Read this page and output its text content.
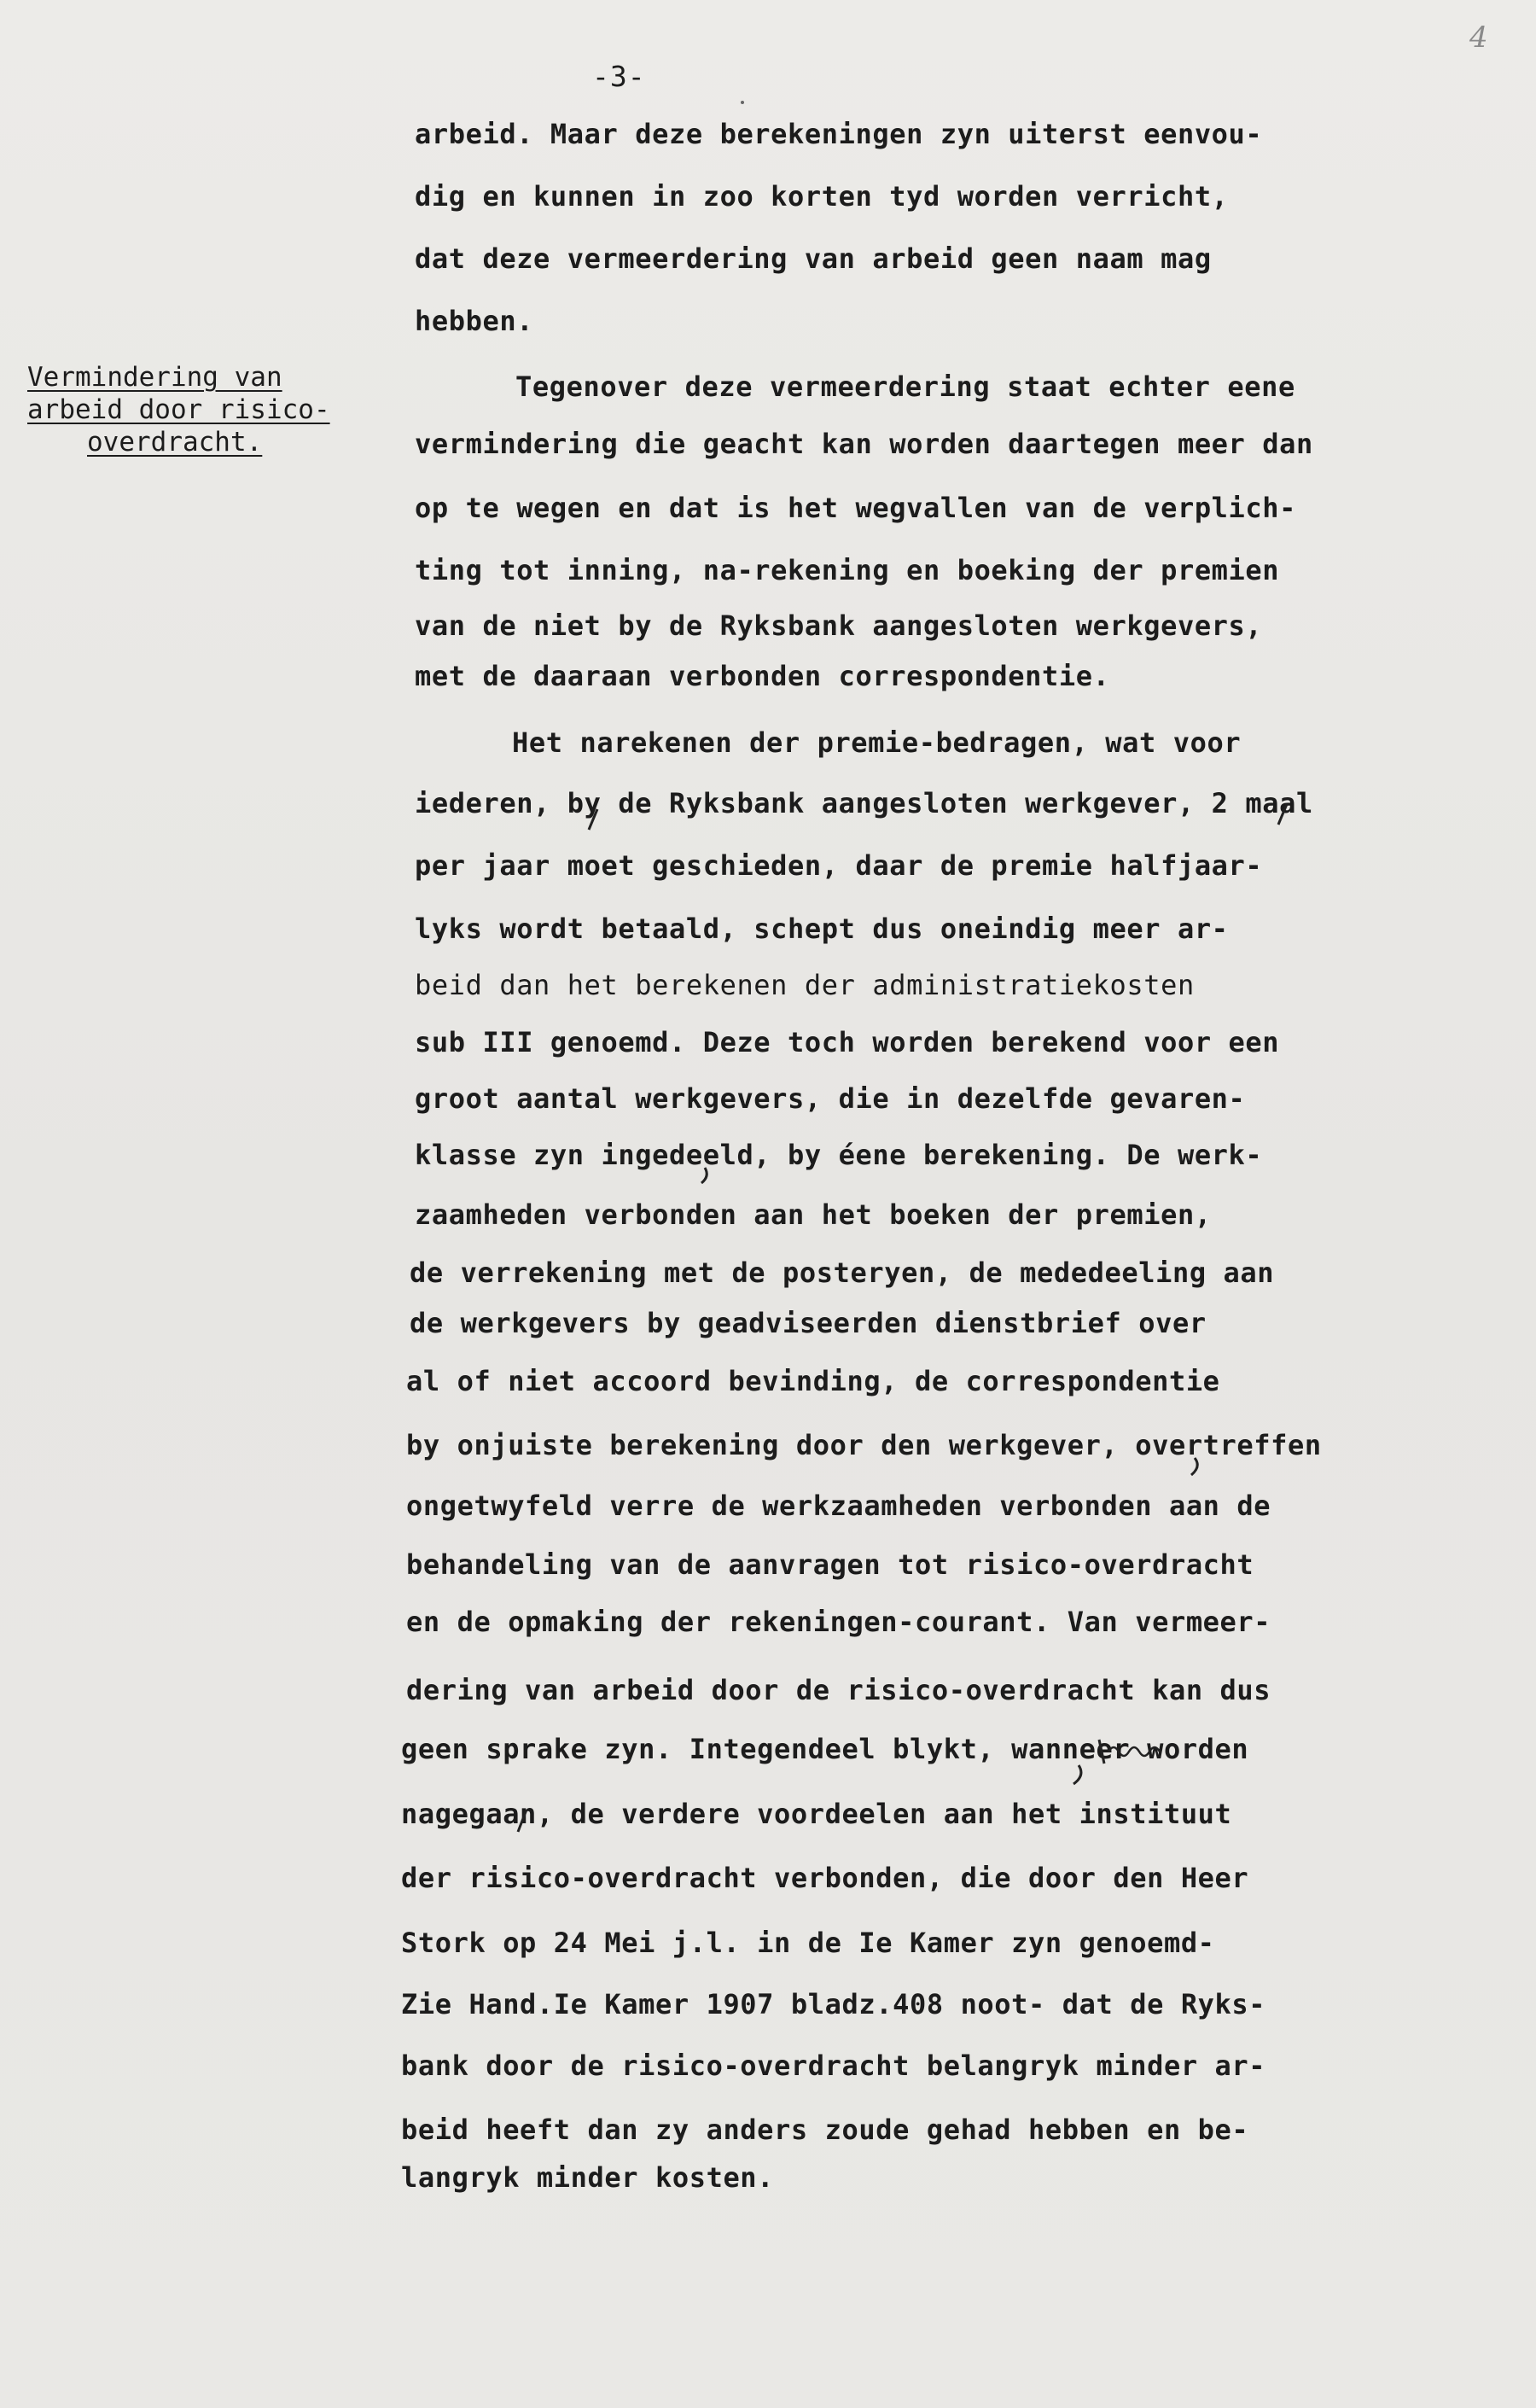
4
-3-
Vermindering van
arbeid door risico-
overdracht.
arbeid. Maar deze berekeningen zyn uiterst eenvou-
dig en kunnen in zoo korten tyd worden verricht,
dat deze vermeerdering van arbeid geen naam mag
hebben.
Tegenover deze vermeerdering staat echter eene
vermindering die geacht kan worden daartegen meer dan
op te wegen en dat is het wegvallen van de verplich-
ting tot inning, na-rekening en boeking der premien
van de niet by de Ryksbank aangesloten werkgevers,
met de daaraan verbonden correspondentie.
Het narekenen der premie-bedragen, wat voor
iederen, by de Ryksbank aangesloten werkgever, 2 maal
per jaar moet geschieden, daar de premie halfjaar-
lyks wordt betaald, schept dus oneindig meer ar-
beid dan het berekenen der administratiekosten
sub III genoemd. Deze toch worden berekend voor een
groot aantal werkgevers, die in dezelfde gevaren-
klasse zyn ingedeeld, by éene berekening. De werk-
zaamheden verbonden aan het boeken der premien,
de verrekening met de posteryen, de mededeeling aan
de werkgevers by geadviseerden dienstbrief over
al of niet accoord bevinding, de correspondentie
by onjuiste berekening door den werkgever, overtreffen
ongetwyfeld verre de werkzaamheden verbonden aan de
behandeling van de aanvragen tot risico-overdracht
en de opmaking der rekeningen-courant. Van vermeer-
dering van arbeid door de risico-overdracht kan dus
geen sprake zyn. Integendeel blykt, wanneer worden
nagegaan, de verdere voordeelen aan het instituut
der risico-overdracht verbonden, die door den Heer
Stork op 24 Mei j.l. in de Ie Kamer zyn genoemd-
Zie Hand.Ie Kamer 1907 bladz.408 noot- dat de Ryks-
bank door de risico-overdracht belangryk minder ar-
beid heeft dan zy anders zoude gehad hebben en be-
langryk minder kosten.
